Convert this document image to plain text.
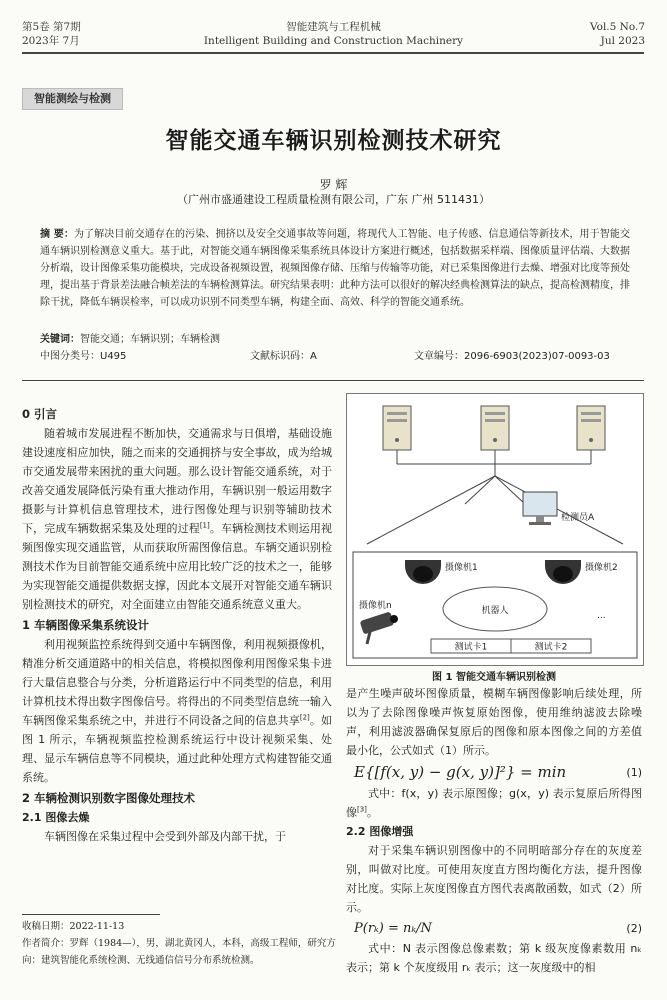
第5卷 第7期
2023年 7月
智能建筑与工程机械
Intelligent Building and Construction Machinery
Vol.5 No.7
Jul 2023
智能测绘与检测
智能交通车辆识别检测技术研究
罗 辉
（广州市盛通建设工程质量检测有限公司，广东 广州 511431）
摘 要：为了解决目前交通存在的污染、拥挤以及安全交通事故等问题，将现代人工智能、电子传感、信息通信等新技术，用于智能交通车辆识别检测意义重大。基于此，对智能交通车辆图像采集系统具体设计方案进行概述，包括数据采样端、图像质量评估端、大数据分析端，设计图像采集功能模块，完成设备视频设置，视频图像存储、压缩与传输等功能，对已采集图像进行去燥、增强对比度等预处理，提出基于背景差法融合帧差法的车辆检测算法。研究结果表明：此种方法可以很好的解决经典检测算法的缺点，提高检测精度，排除干扰，降低车辆误检率，可以成功识别不同类型车辆，构建全面、高效、科学的智能交通系统。
关键词：智能交通；车辆识别；车辆检测
中图分类号：U495	文献标识码：A	文章编号：2096-6903(2023)07-0093-03
0 引言

随着城市发展进程不断加快，交通需求与日俱增，基础设施建设速度相应加快，随之而来的交通拥挤与安全事故，成为给城市交通发展带来困扰的重大问题。那么设计智能交通系统，对于改善交通发展降低污染有重大推动作用，车辆识别一般运用数字摄影与计算机信息管理技术，进行图像处理与识别等辅助技术下，完成车辆数据采集及处理的过程[1]。车辆检测技术则运用视频图像实现交通监管，从而获取所需图像信息。车辆交通识别检测技术作为目前智能交通系统中应用比较广泛的技术之一，能够为实现智能交通提供数据支撑，因此本文展开对智能交通车辆识别检测技术的研究，对全面建立由智能交通系统意义重大。

1 车辆图像采集系统设计

利用视频监控系统得到交通中车辆图像，利用视频摄像机，精准分析交通道路中的相关信息，将模拟图像利用图像采集卡进行大量信息整合与分类，分析道路运行中不同类型的信息，利用计算机技术得出数字图像信号。将得出的不同类型信息统一输入车辆图像采集系统之中，并进行不同设备之间的信息共享[2]。如图 1 所示，车辆视频监控检测系统运行中设计视频采集、处理、显示车辆信息等不同模块，通过此种处理方式构建智能交通系统。

2 车辆检测识别数字图像处理技术
2.1 图像去燥

车辆图像在采集过程中会受到外部及内部干扰，于

检测员A
摄像机1	摄像机2
摄像机n	机器人	...
测试卡1	测试卡2
图 1 智能交通车辆识别检测

是产生噪声破坏图像质量，模糊车辆图像影响后续处理，所以为了去除图像噪声恢复原始图像，使用维纳滤波去除噪声，利用滤波器确保复原后的图像和原本图像之间的方差值最小化，公式如式（1）所示。

E{[f(x, y) − g(x, y)]²} = min	(1)

式中：f(x，y) 表示原图像；g(x，y) 表示复原后所得图像[3]。

2.2 图像增强

对于采集车辆识别图像中的不同明暗部分存在的灰度差别，叫做对比度。可使用灰度直方图均衡化方法，提升图像对比度。实际上灰度图像直方图代表离散函数，如式（2）所示。

P(rₖ) = nₖ/N	(2)

式中：N 表示图像总像素数；第 k 级灰度像素数用 nₖ 表示；第 k 个灰度级用 rₖ 表示；这一灰度级中的相

收稿日期：2022-11-13
作者简介：罗辉（1984—），男，湖北黄冈人，本科，高级工程师，研究方向：建筑智能化系统检测、无线通信信号分布系统检测。
